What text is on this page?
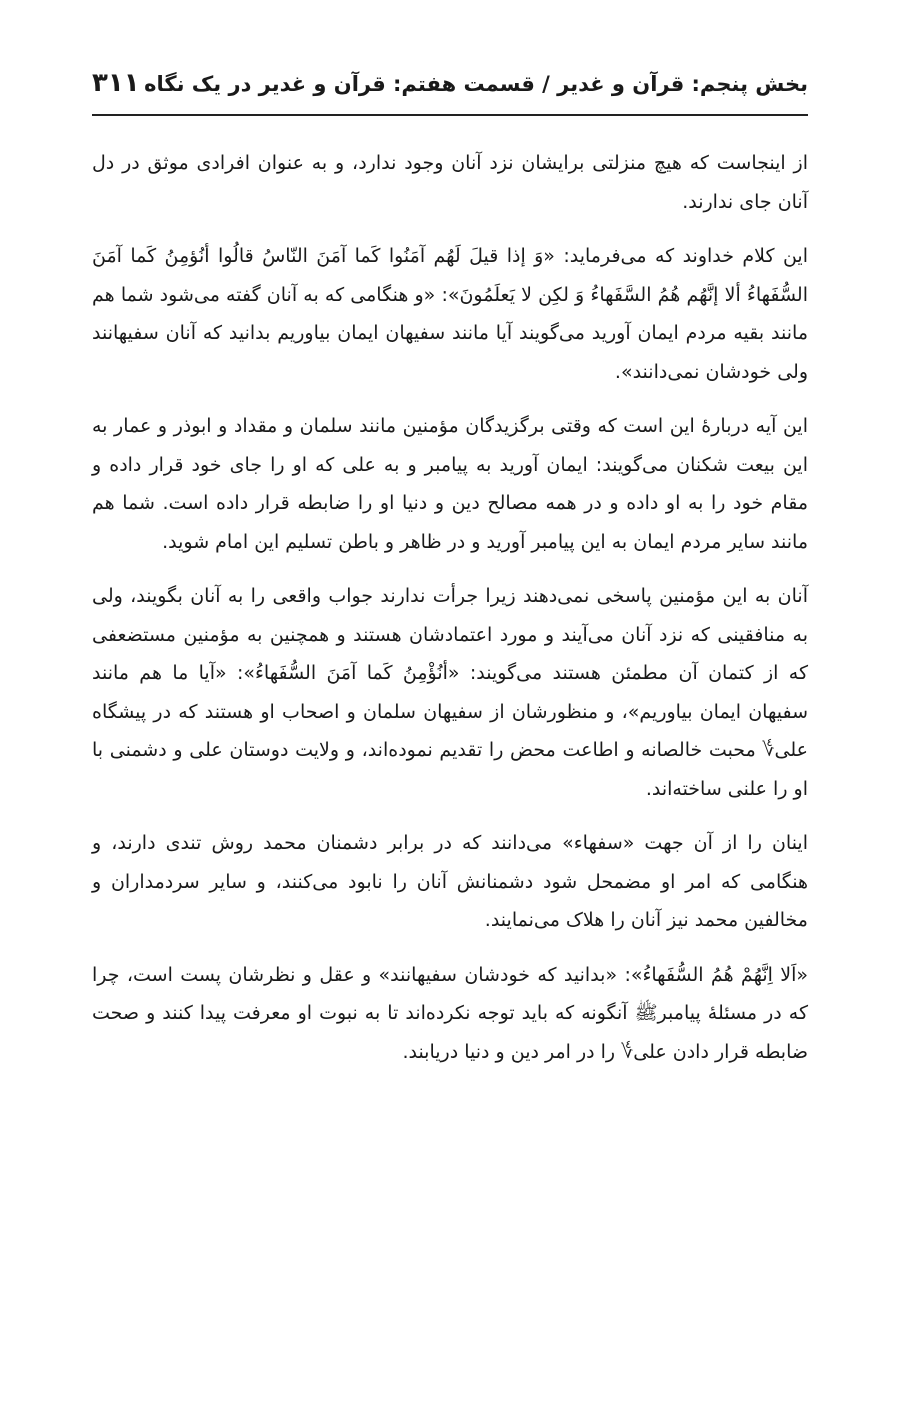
بخش پنجم: قرآن و غدیر / قسمت هفتم: قرآن و غدیر در یک نگاه
۳۱۱

از اینجاست که هیچ منزلتی برایشان نزد آنان وجود ندارد، و به عنوان افرادی موثق در دل آنان جای ندارند.

این کلام خداوند که می‌فرماید: «وَ إذا قیلَ لَهُم آمَنُوا کَما آمَنَ النّاسُ قالُوا أنُؤمِنُ کَما آمَنَ السُّفَهاءُ ألا إنَّهُم هُمُ السَّفَهاءُ وَ لکِن لا یَعلَمُونَ»: «و هنگامی که به آنان گفته می‌شود شما هم مانند بقیه مردم ایمان آورید می‌گویند آیا مانند سفیهان ایمان بیاوریم بدانید که آنان سفیهانند ولی خودشان نمی‌دانند».

این آیه دربارۀ این است که وقتی برگزیدگان مؤمنین مانند سلمان و مقداد و ابوذر و عمار به این بیعت شکنان می‌گویند: ایمان آورید به پیامبر و به علی که او را جای خود قرار داده و مقام خود را به او داده و در همه مصالح دین و دنیا او را ضابطه قرار داده است. شما هم مانند سایر مردم ایمان به این پیامبر آورید و در ظاهر و باطن تسلیم این امام شوید.

آنان به این مؤمنین پاسخی نمی‌دهند زیرا جرأت ندارند جواب واقعی را به آنان بگویند، ولی به منافقینی که نزد آنان می‌آیند و مورد اعتمادشان هستند و همچنین به مؤمنین مستضعفی که از کتمان آن مطمئن هستند می‌گویند: «أنُؤْمِنُ کَما آمَنَ السُّفَهاءُ»: «آیا ما هم مانند سفیهان ایمان بیاوریم»، و منظورشان از سفیهان سلمان و اصحاب او هستند که در پیشگاه علی؇ محبت خالصانه و اطاعت محض را تقدیم نموده‌اند، و ولایت دوستان علی و دشمنی با او را علنی ساخته‌اند.

اینان را از آن جهت «سفهاء» می‌دانند که در برابر دشمنان محمد روش تندی دارند، و هنگامی که امر او مضمحل شود دشمنانش آنان را نابود می‌کنند، و سایر سردمداران و مخالفین محمد نیز آنان را هلاک می‌نمایند.

«اَلا اِنَّهُمْ هُمُ السُّفَهاءُ»: «بدانید که خودشان سفیهانند» و عقل و نظرشان پست است، چرا که در مسئلۀ پیامبرﷺ آنگونه که باید توجه نکرده‌اند تا به نبوت او معرفت پیدا کنند و صحت ضابطه قرار دادن علی؇ را در امر دین و دنیا دریابند.
